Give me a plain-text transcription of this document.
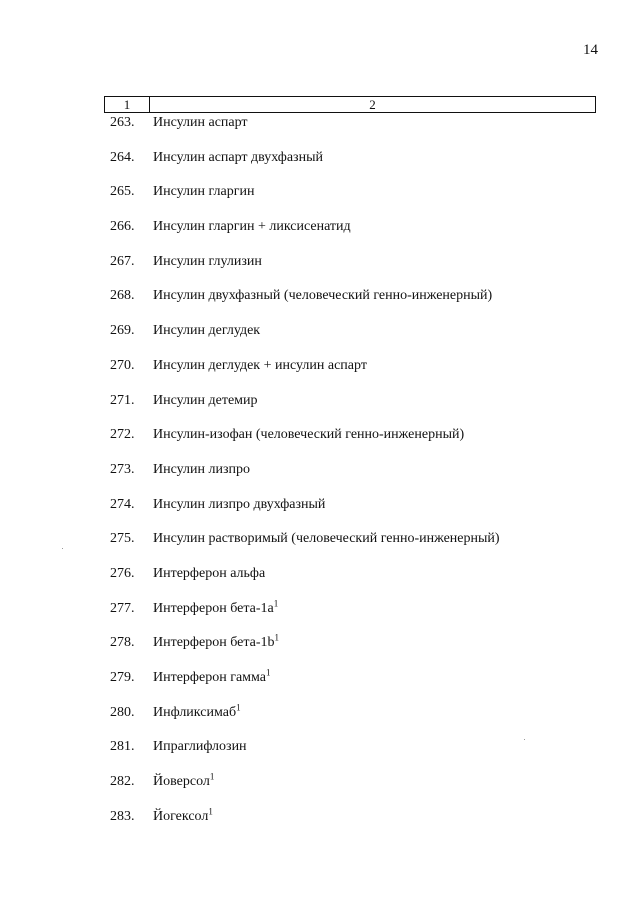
14
1	2
263.	Инсулин аспарт
264.	Инсулин аспарт двухфазный
265.	Инсулин гларгин
266.	Инсулин гларгин + ликсисенатид
267.	Инсулин глулизин
268.	Инсулин двухфазный (человеческий генно-инженерный)
269.	Инсулин деглудек
270.	Инсулин деглудек + инсулин аспарт
271.	Инсулин детемир
272.	Инсулин-изофан (человеческий генно-инженерный)
273.	Инсулин лизпро
274.	Инсулин лизпро двухфазный
275.	Инсулин растворимый (человеческий генно-инженерный)
276.	Интерферон альфа
277.	Интерферон бета-$1a^1$
278.	Интерферон бета-$1b^1$
279.	Интерферон гамма$^1$
280.	Инфликсимаб$^1$
281.	Ипраглифлозин
282.	Йоверсол$^1$
283.	Йогексол$^1$
